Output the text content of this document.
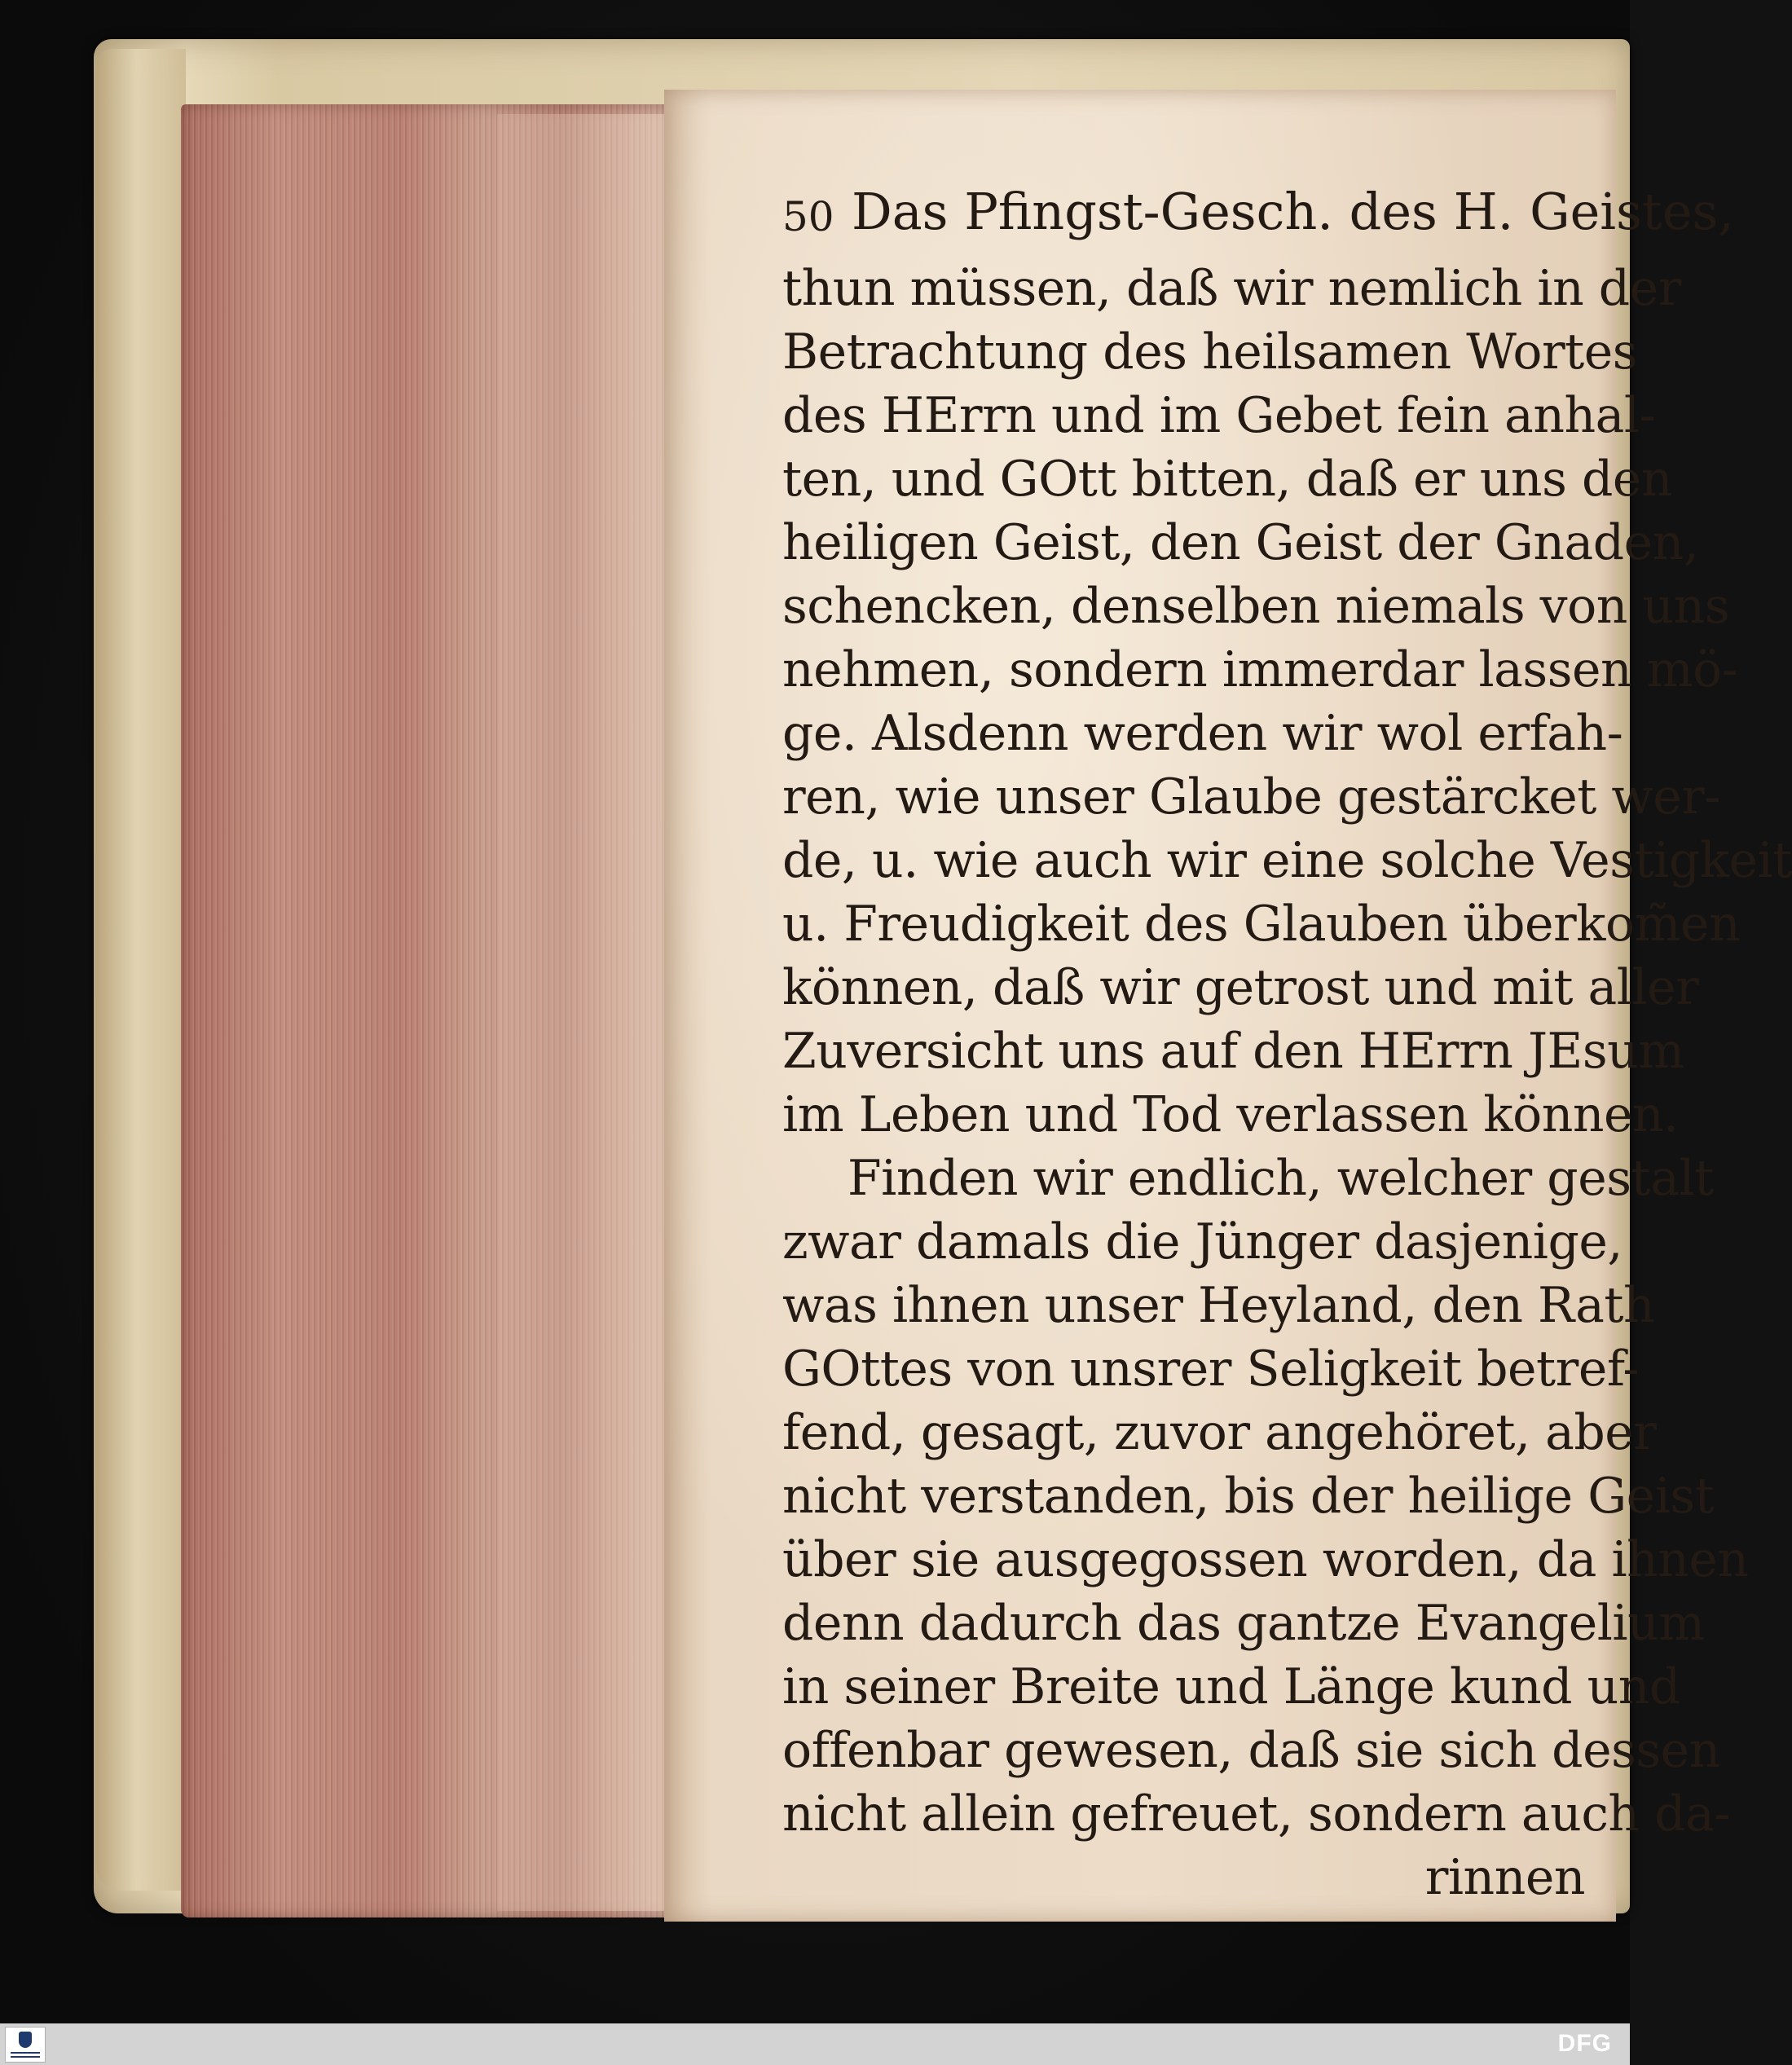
50 Das Pfingst-Gesch. des H. Geistes,
thun müssen, daß wir nemlich in der
Betrachtung des heilsamen Wortes
des HErrn und im Gebet fein anhal-
ten, und GOtt bitten, daß er uns den
heiligen Geist, den Geist der Gnaden,
schencken, denselben niemals von uns
nehmen, sondern immerdar lassen mö-
ge. Alsdenn werden wir wol erfah-
ren, wie unser Glaube gestärcket wer-
de, u. wie auch wir eine solche Vestigkeit
u. Freudigkeit des Glauben überkom̃en
können, daß wir getrost und mit aller
Zuversicht uns auf den HErrn JEsum
im Leben und Tod verlassen können.
Finden wir endlich, welcher gestalt
zwar damals die Jünger dasjenige,
was ihnen unser Heyland, den Rath
GOttes von unsrer Seligkeit betref-
fend, gesagt, zuvor angehöret, aber
nicht verstanden, bis der heilige Geist
über sie ausgegossen worden, da ihnen
denn dadurch das gantze Evangelium
in seiner Breite und Länge kund und
offenbar gewesen, daß sie sich dessen
nicht allein gefreuet, sondern auch da-
rinnen
DFG
